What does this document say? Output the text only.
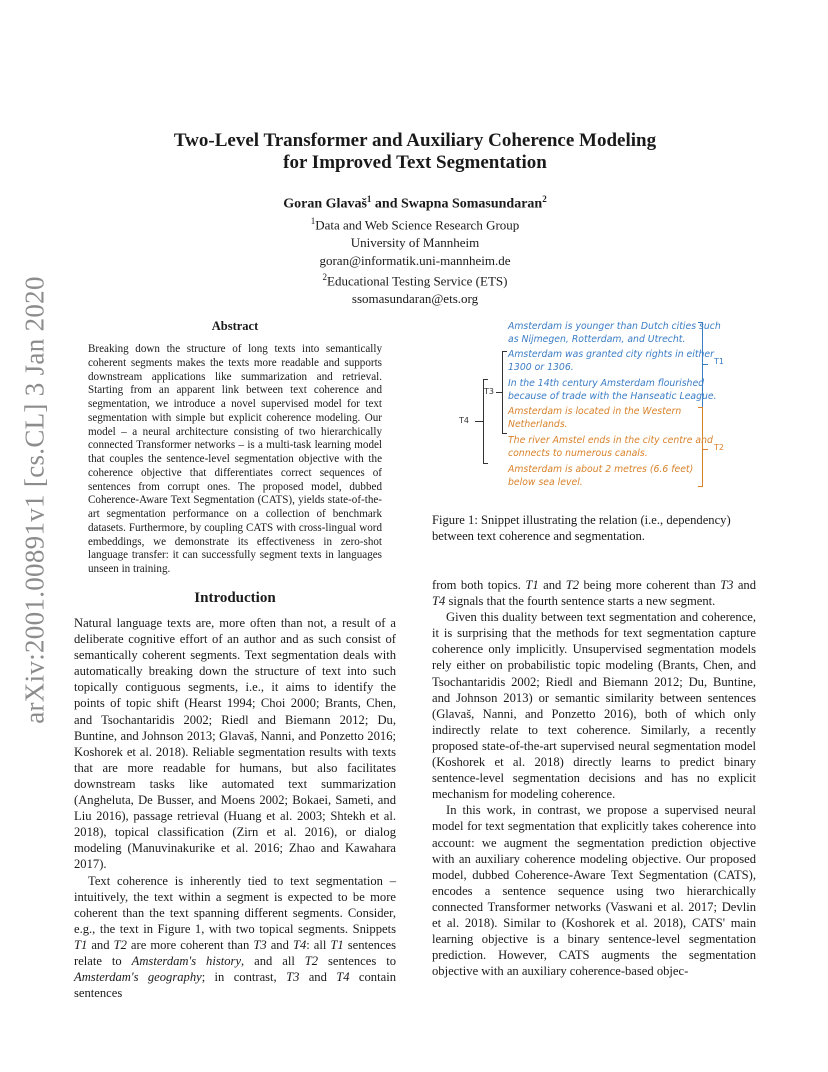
arXiv:2001.00891v1 [cs.CL] 3 Jan 2020
Two-Level Transformer and Auxiliary Coherence Modeling
for Improved Text Segmentation
Goran Glavaš$^1$ and Swapna Somasundaran$^2$
$^1$Data and Web Science Research Group
University of Mannheim
goran@informatik.uni-mannheim.de
$^2$Educational Testing Service (ETS)
ssomasundaran@ets.org
Abstract

Breaking down the structure of long texts into semantically coherent segments makes the texts more readable and supports downstream applications like summarization and retrieval. Starting from an apparent link between text coherence and segmentation, we introduce a novel supervised model for text segmentation with simple but explicit coherence modeling. Our model – a neural architecture consisting of two hierarchically connected Transformer networks – is a multi-task learning model that couples the sentence-level segmentation objective with the coherence objective that differentiates correct sequences of sentences from corrupt ones. The proposed model, dubbed Coherence-Aware Text Segmentation (CATS), yields state-of-the-art segmentation performance on a collection of benchmark datasets. Furthermore, by coupling CATS with cross-lingual word embeddings, we demonstrate its effectiveness in zero-shot language transfer: it can successfully segment texts in languages unseen in training.

Introduction

Natural language texts are, more often than not, a result of a deliberate cognitive effort of an author and as such consist of semantically coherent segments. Text segmentation deals with automatically breaking down the structure of text into such topically contiguous segments, i.e., it aims to identify the points of topic shift (Hearst 1994; Choi 2000; Brants, Chen, and Tsochantaridis 2002; Riedl and Biemann 2012; Du, Buntine, and Johnson 2013; Glavaš, Nanni, and Ponzetto 2016; Koshorek et al. 2018). Reliable segmentation results with texts that are more readable for humans, but also facilitates downstream tasks like automated text summarization (Angheluta, De Busser, and Moens 2002; Bokaei, Sameti, and Liu 2016), passage retrieval (Huang et al. 2003; Shtekh et al. 2018), topical classification (Zirn et al. 2016), or dialog modeling (Manuvinakurike et al. 2016; Zhao and Kawahara 2017).

Text coherence is inherently tied to text segmentation – intuitively, the text within a segment is expected to be more coherent than the text spanning different segments. Consider, e.g., the text in Figure 1, with two topical segments. Snippets T1 and T2 are more coherent than T3 and T4: all T1 sentences relate to Amsterdam's history, and all T2 sentences to Amsterdam's geography; in contrast, T3 and T4 contain sentences

Amsterdam is younger than Dutch cities such
as Nijmegen, Rotterdam, and Utrecht.
Amsterdam was granted city rights in either
1300 or 1306.
In the 14th century Amsterdam flourished
because of trade with the Hanseatic League.
Amsterdam is located in the Western
Netherlands.
The river Amstel ends in the city centre and
connects to numerous canals.
Amsterdam is about 2 metres (6.6 feet)
below sea level.
T1
T2
T3
T4

Figure 1: Snippet illustrating the relation (i.e., dependency) between text coherence and segmentation.

from both topics. T1 and T2 being more coherent than T3 and T4 signals that the fourth sentence starts a new segment.

Given this duality between text segmentation and coherence, it is surprising that the methods for text segmentation capture coherence only implicitly. Unsupervised segmentation models rely either on probabilistic topic modeling (Brants, Chen, and Tsochantaridis 2002; Riedl and Biemann 2012; Du, Buntine, and Johnson 2013) or semantic similarity between sentences (Glavaš, Nanni, and Ponzetto 2016), both of which only indirectly relate to text coherence. Similarly, a recently proposed state-of-the-art supervised neural segmentation model (Koshorek et al. 2018) directly learns to predict binary sentence-level segmentation decisions and has no explicit mechanism for modeling coherence.

In this work, in contrast, we propose a supervised neural model for text segmentation that explicitly takes coherence into account: we augment the segmentation prediction objective with an auxiliary coherence modeling objective. Our proposed model, dubbed Coherence-Aware Text Segmentation (CATS), encodes a sentence sequence using two hierarchically connected Transformer networks (Vaswani et al. 2017; Devlin et al. 2018). Similar to (Koshorek et al. 2018), CATS' main learning objective is a binary sentence-level segmentation prediction. However, CATS augments the segmentation objective with an auxiliary coherence-based objec-
